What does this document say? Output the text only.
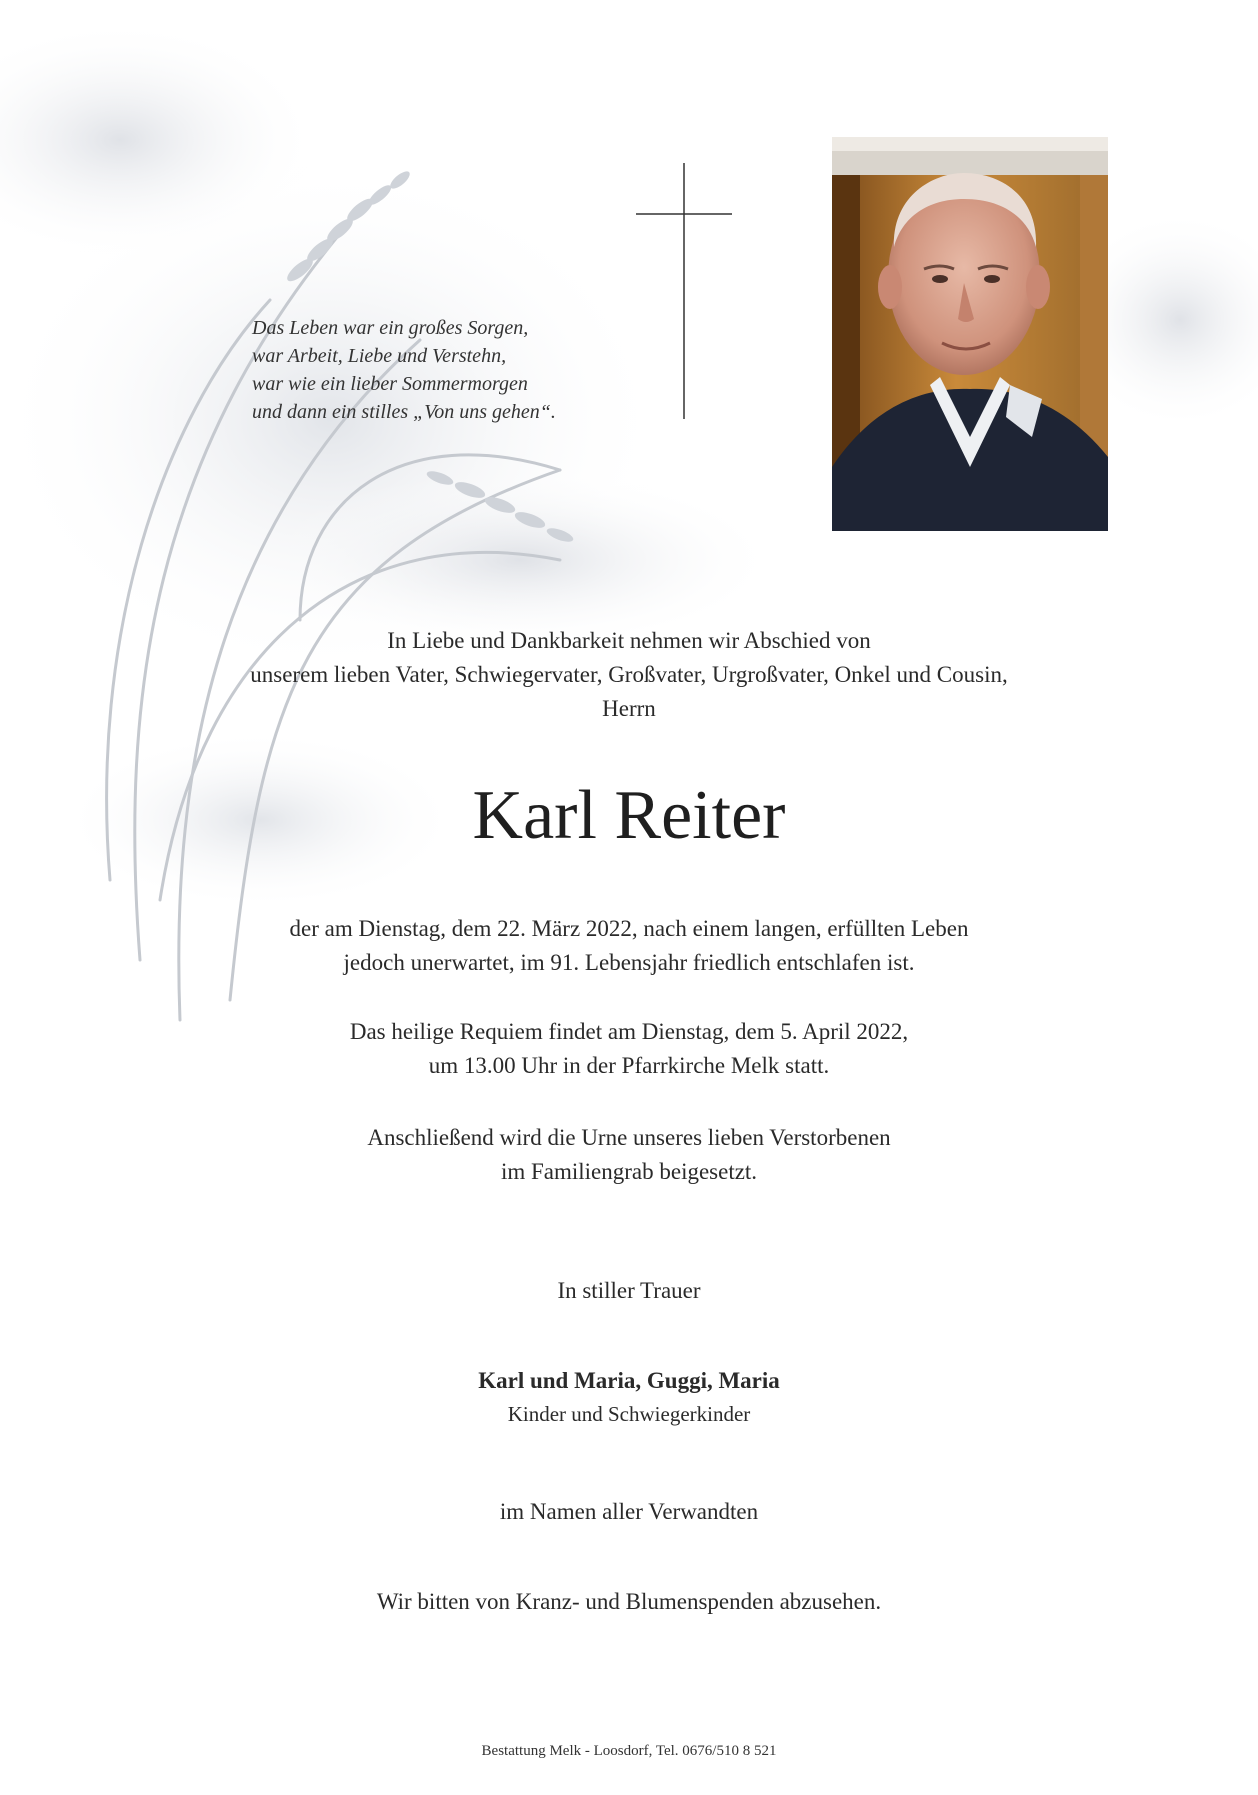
Das Leben war ein großes Sorgen,
war Arbeit, Liebe und Verstehn,
war wie ein lieber Sommermorgen
und dann ein stilles „Von uns gehen“.
In Liebe und Dankbarkeit nehmen wir Abschied von
unserem lieben Vater, Schwiegervater, Großvater, Urgroßvater, Onkel und Cousin,
Herrn
Karl Reiter
der am Dienstag, dem 22. März 2022, nach einem langen, erfüllten Leben
jedoch unerwartet, im 91. Lebensjahr friedlich entschlafen ist.
Das heilige Requiem findet am Dienstag, dem 5. April 2022,
um 13.00 Uhr in der Pfarrkirche Melk statt.
Anschließend wird die Urne unseres lieben Verstorbenen
im Familiengrab beigesetzt.
In stiller Trauer
Karl und Maria, Guggi, Maria
Kinder und Schwiegerkinder
im Namen aller Verwandten
Wir bitten von Kranz- und Blumenspenden abzusehen.
Bestattung Melk - Loosdorf, Tel. 0676/510 8 521
